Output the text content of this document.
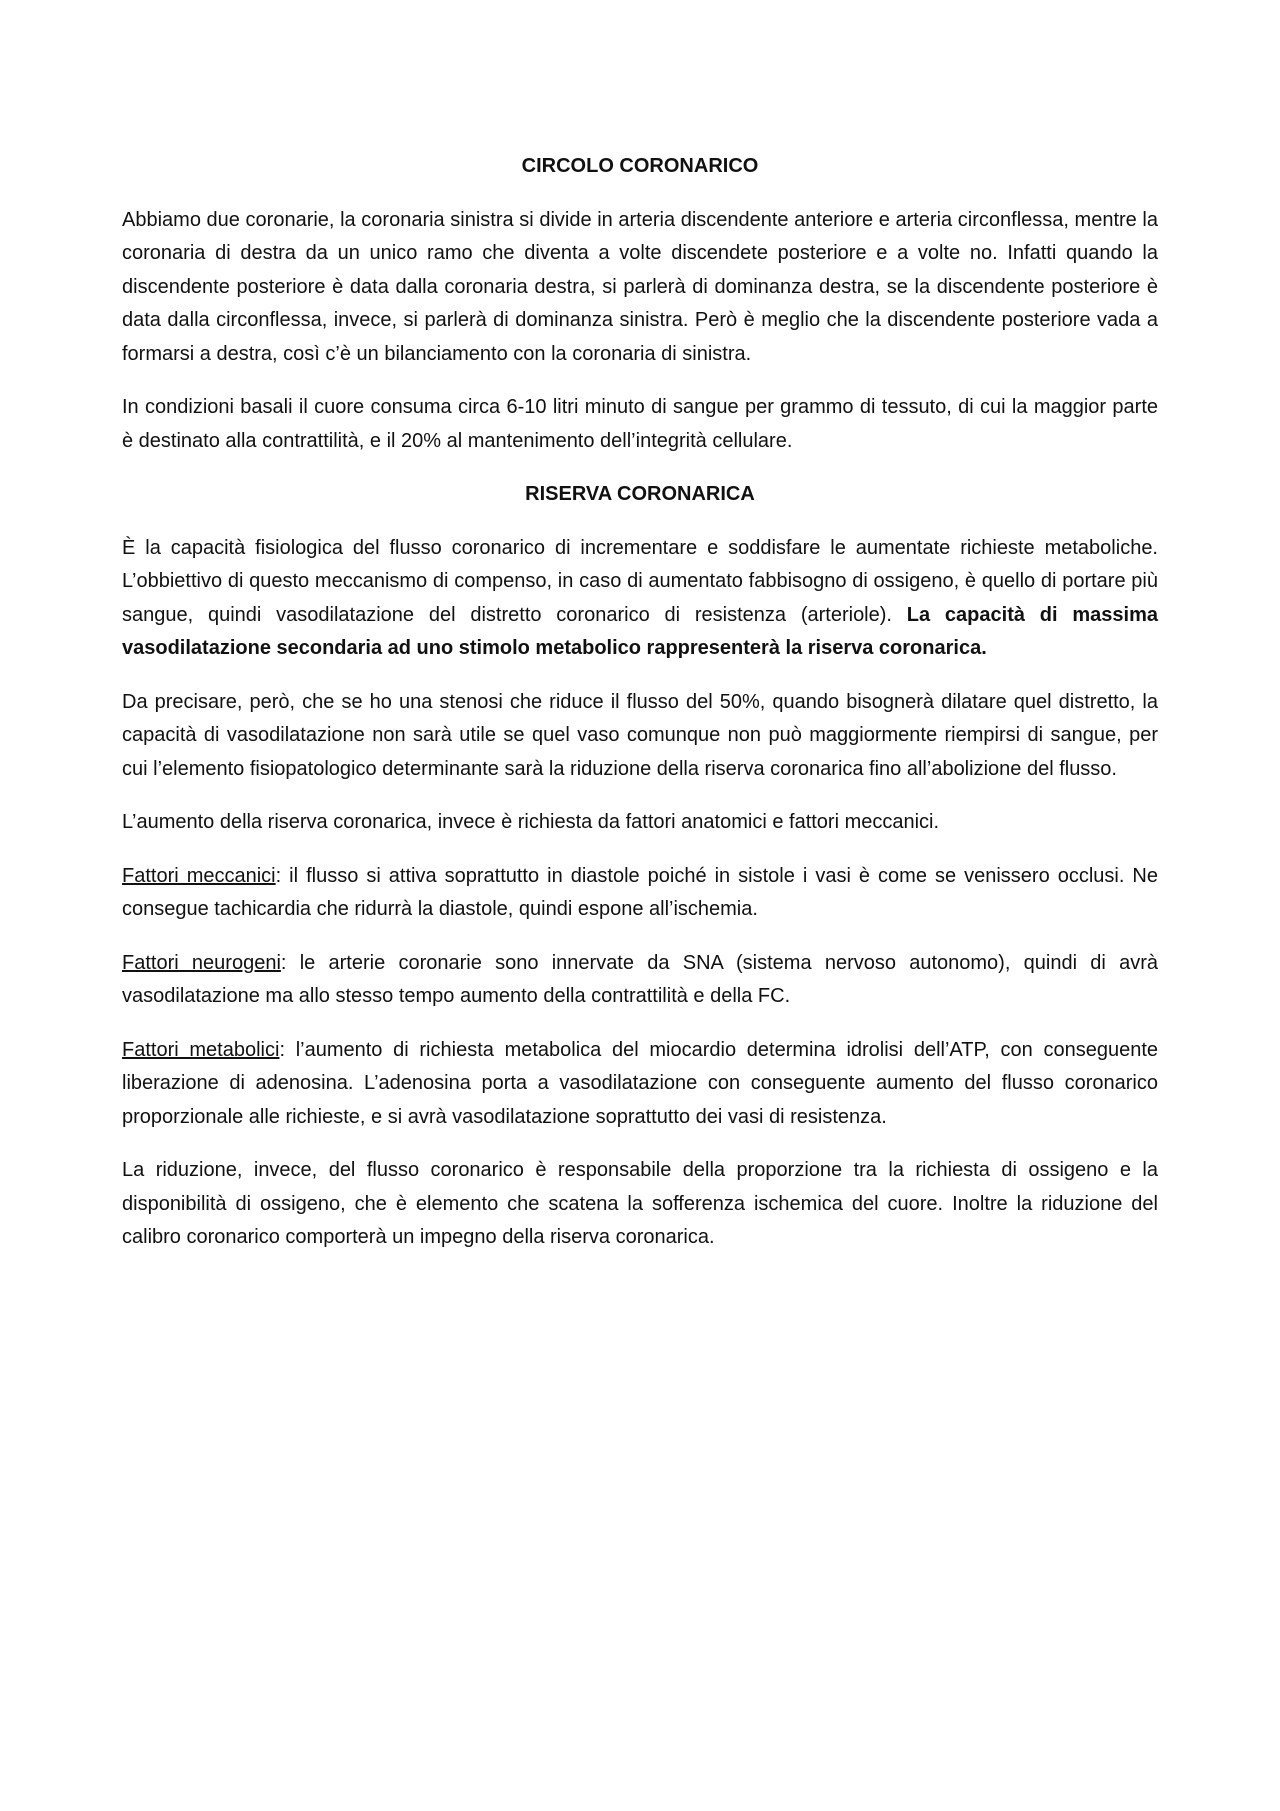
CIRCOLO CORONARICO

Abbiamo due coronarie, la coronaria sinistra si divide in arteria discendente anteriore e arteria circonflessa, mentre la coronaria di destra da un unico ramo che diventa a volte discendete posteriore e a volte no. Infatti quando la discendente posteriore è data dalla coronaria destra, si parlerà di dominanza destra, se la discendente posteriore è data dalla circonflessa, invece, si parlerà di dominanza sinistra. Però è meglio che la discendente posteriore vada a formarsi a destra, così c’è un bilanciamento con la coronaria di sinistra.

In condizioni basali il cuore consuma circa 6-10 litri minuto di sangue per grammo di tessuto, di cui la maggior parte è destinato alla contrattilità, e il 20% al mantenimento dell’integrità cellulare.

RISERVA CORONARICA

È la capacità fisiologica del flusso coronarico di incrementare e soddisfare le aumentate richieste metaboliche. L’obbiettivo di questo meccanismo di compenso, in caso di aumentato fabbisogno di ossigeno, è quello di portare più sangue, quindi vasodilatazione del distretto coronarico di resistenza (arteriole). La capacità di massima vasodilatazione secondaria ad uno stimolo metabolico rappresenterà la riserva coronarica.

Da precisare, però, che se ho una stenosi che riduce il flusso del 50%, quando bisognerà dilatare quel distretto, la capacità di vasodilatazione non sarà utile se quel vaso comunque non può maggiormente riempirsi di sangue, per cui l’elemento fisiopatologico determinante sarà la riduzione della riserva coronarica fino all’abolizione del flusso.

L’aumento della riserva coronarica, invece è richiesta da fattori anatomici e fattori meccanici.

Fattori meccanici: il flusso si attiva soprattutto in diastole poiché in sistole i vasi è come se venissero occlusi. Ne consegue tachicardia che ridurrà la diastole, quindi espone all’ischemia.

Fattori neurogeni: le arterie coronarie sono innervate da SNA (sistema nervoso autonomo), quindi di avrà vasodilatazione ma allo stesso tempo aumento della contrattilità e della FC.

Fattori metabolici: l’aumento di richiesta metabolica del miocardio determina idrolisi dell’ATP, con conseguente liberazione di adenosina. L’adenosina porta a vasodilatazione con conseguente aumento del flusso coronarico proporzionale alle richieste, e si avrà vasodilatazione soprattutto dei vasi di resistenza.

La riduzione, invece, del flusso coronarico è responsabile della proporzione tra la richiesta di ossigeno e la disponibilità di ossigeno, che è elemento che scatena la sofferenza ischemica del cuore. Inoltre la riduzione del calibro coronarico comporterà un impegno della riserva coronarica.
